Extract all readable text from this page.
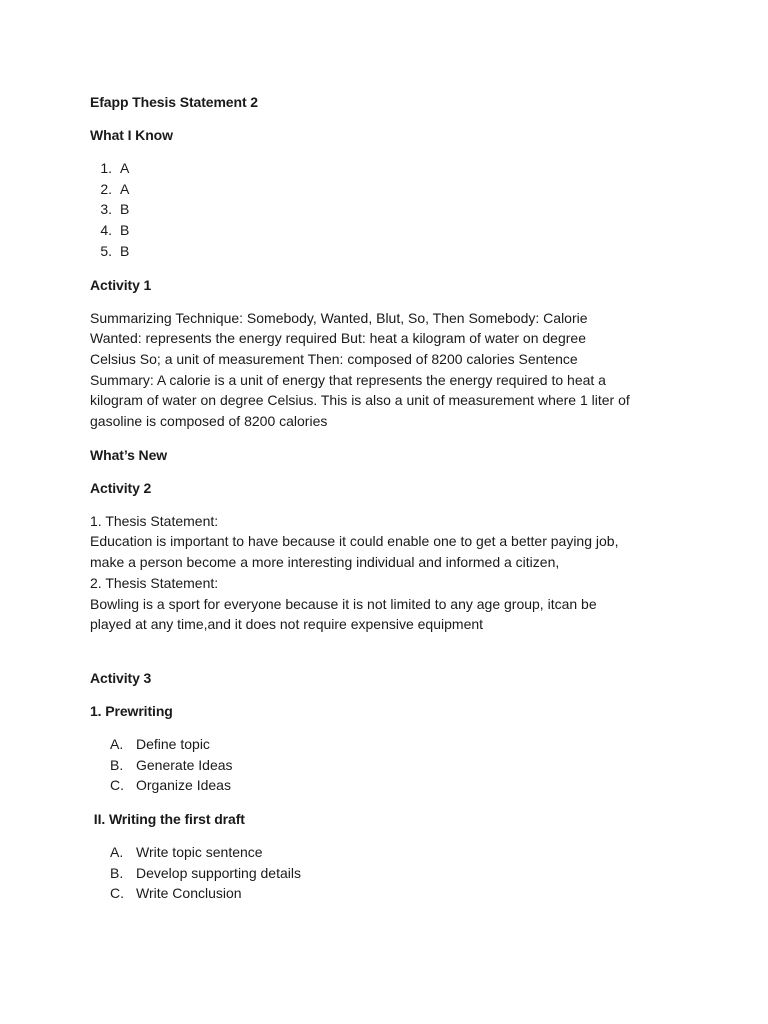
Efapp Thesis Statement 2

What I Know

1. A
2. A
3. B
4. B
5. B

Activity 1

Summarizing Technique: Somebody, Wanted, Blut, So, Then Somebody: Calorie

Wanted: represents the energy required But: heat a kilogram of water on degree

Celsius So; a unit of measurement Then: composed of 8200 calories Sentence

Summary: A calorie is a unit of energy that represents the energy required to heat a

kilogram of water on degree Celsius. This is also a unit of measurement where 1 liter of

gasoline is composed of 8200 calories

What’s New

Activity 2

1. Thesis Statement:

Education is important to have because it could enable one to get a better paying job,

make a person become a more interesting individual and informed a citizen,

2. Thesis Statement:

Bowling is a sport for everyone because it is not limited to any age group, itcan be

played at any time,and it does not require expensive equipment

Activity 3

1. Prewriting

A. Define topic
B. Generate Ideas
C. Organize Ideas

II. Writing the first draft

A. Write topic sentence
B. Develop supporting details
C. Write Conclusion
